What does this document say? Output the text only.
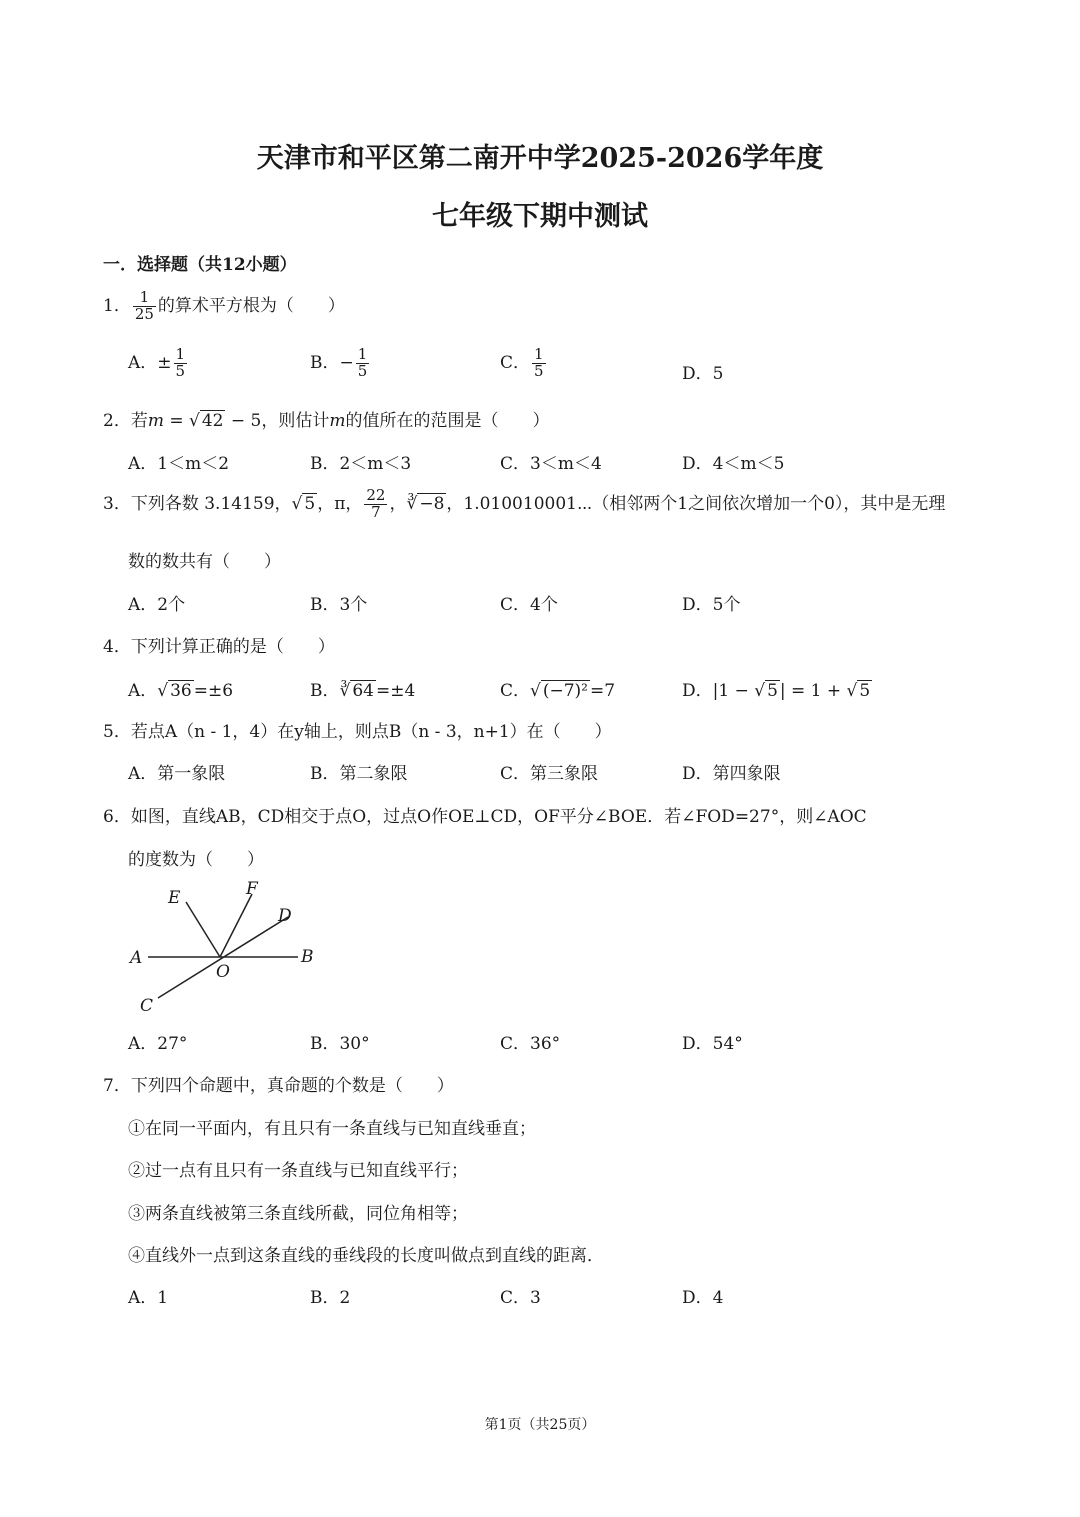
天津市和平区第二南开中学2025-2026学年度
七年级下期中测试
一．选择题（共12小题）
1． $\frac{1}{25}$ 的算术平方根为（　　）
A．± $\frac{1}{5}$	B．− $\frac{1}{5}$	C． $\frac{1}{5}$	D．5
2．若m = √ 42 − 5，则估计m的值所在的范围是（　　）
A．1＜m＜2	B．2＜m＜3	C．3＜m＜4	D．4＜m＜5
3．下列各数 3.14159，√ 5 ，π， $\frac{22}{7}$ ，∛ −8 ，1.010010001⋯（相邻两个1之间依次增加一个0），其中是无理
数的数共有（　　）
A．2个	B．3个	C．4个	D．5个
4．下列计算正确的是（　　）
A．√ 36 =±6	B．∛ 64 =±4	C．√ (−7)² =7	D．|1 − √ 5 | = 1 + √ 5
5．若点A（n - 1，4）在y轴上，则点B（n - 3，n+1）在（　　）
A．第一象限	B．第二象限	C．第三象限	D．第四象限
6．如图，直线AB，CD相交于点O，过点O作OE⊥CD，OF平分∠BOE．若∠FOD=27°，则∠AOC
的度数为（　　）
E	F
D
A
O
B
C
A．27°	B．30°	C．36°	D．54°
7．下列四个命题中，真命题的个数是（　　）
①在同一平面内，有且只有一条直线与已知直线垂直；
②过一点有且只有一条直线与已知直线平行；
③两条直线被第三条直线所截，同位角相等；
④直线外一点到这条直线的垂线段的长度叫做点到直线的距离．
A．1	B．2	C．3	D．4
第1页（共25页）
